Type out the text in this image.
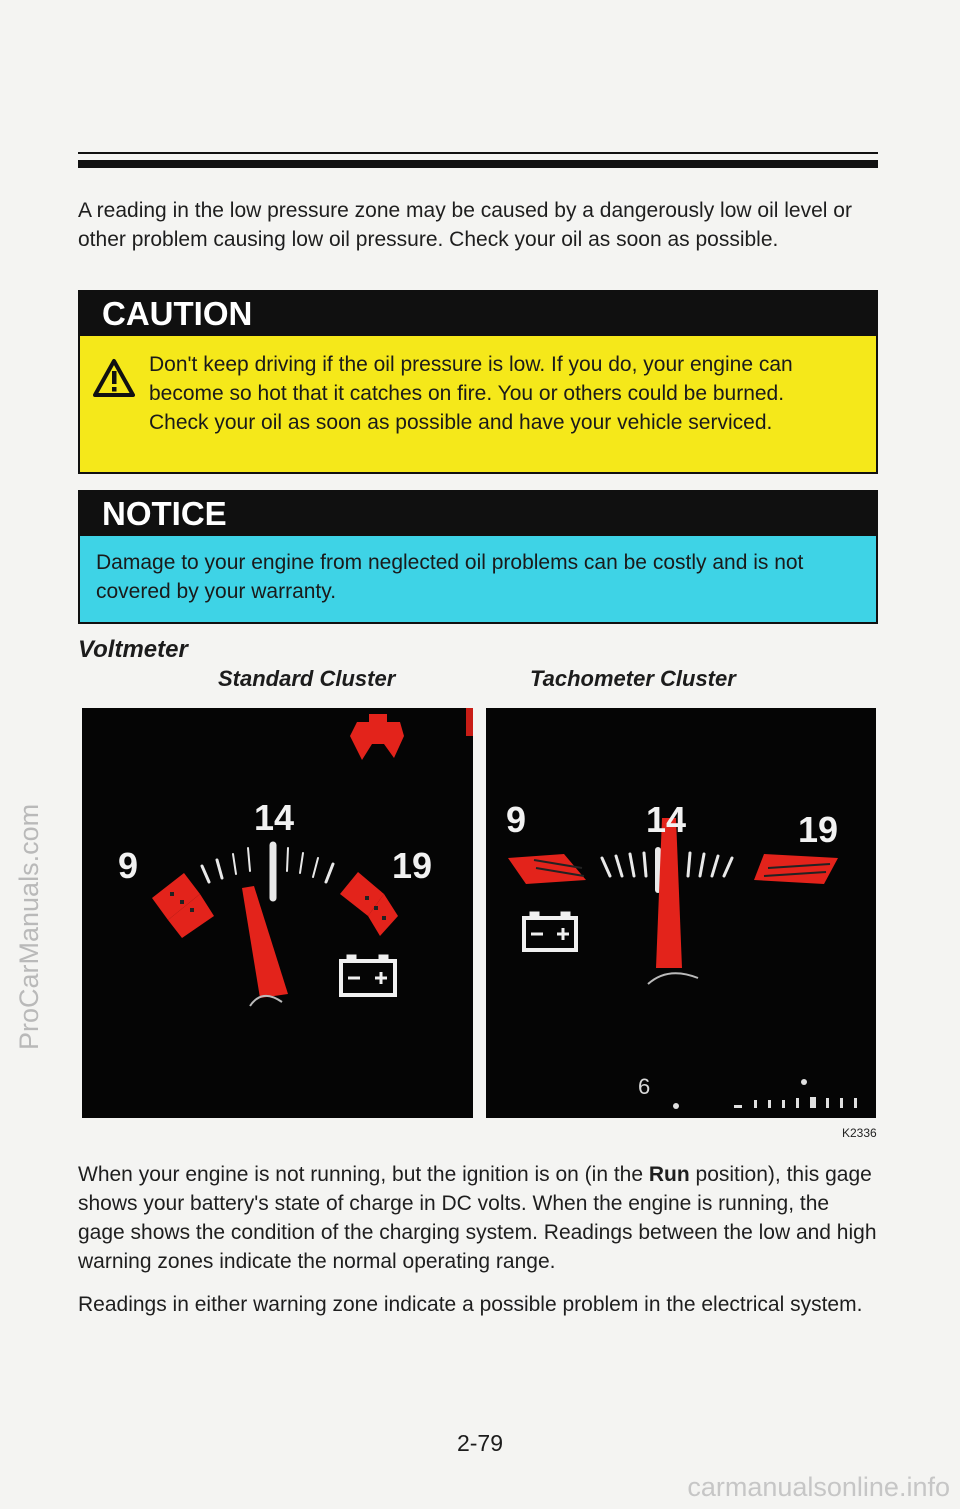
ProCarManuals.com
A reading in the low pressure zone may be caused by a dangerously low oil level or other problem causing low oil pressure. Check your oil as soon as possible.
CAUTION
Don't keep driving if the oil pressure is low. If you do, your engine can become so hot that it catches on fire. You or others could be burned. Check your oil as soon as possible and have your vehicle serviced.
NOTICE
Damage to your engine from neglected oil problems can be costly and is not covered by your warranty.
Voltmeter
Standard Cluster	Tachometer Cluster
9
14
19
9	14	19
6
K2336
When your engine is not running, but the ignition is on (in the Run position), this gage shows your battery's state of charge in DC volts. When the engine is running, the gage shows the condition of the charging system. Readings between the low and high warning zones indicate the normal operating range.
Readings in either warning zone indicate a possible problem in the electrical system.
2-79
carmanualsonline.info
